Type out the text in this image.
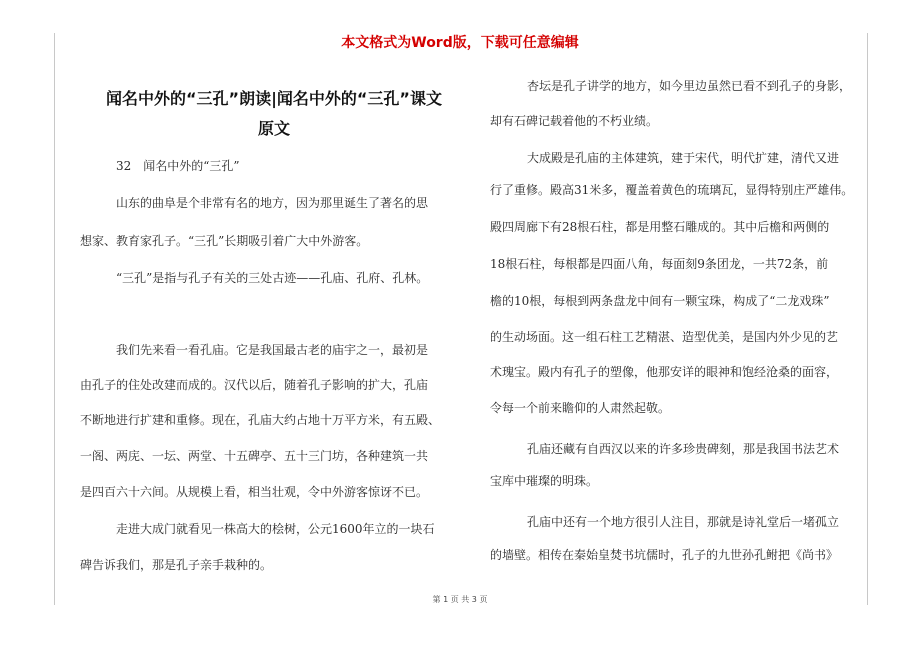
本文格式为Word版，下载可任意编辑
闻名中外的“三孔”朗读|闻名中外的“三孔”课文
原文
32　闻名中外的“三孔”
山东的曲阜是个非常有名的地方，因为那里诞生了著名的思
想家、教育家孔子。“三孔”长期吸引着广大中外游客。
“三孔”是指与孔子有关的三处古迹——孔庙、孔府、孔林。
我们先来看一看孔庙。它是我国最古老的庙宇之一，最初是
由孔子的住处改建而成的。汉代以后，随着孔子影响的扩大，孔庙
不断地进行扩建和重修。现在，孔庙大约占地十万平方米，有五殿、
一阁、两庑、一坛、两堂、十五碑亭、五十三门坊，各种建筑一共
是四百六十六间。从规模上看，相当壮观，令中外游客惊讶不已。
走进大成门就看见一株高大的桧树，公元1600年立的一块石
碑告诉我们，那是孔子亲手栽种的。
杏坛是孔子讲学的地方，如今里边虽然已看不到孔子的身影，
却有石碑记载着他的不朽业绩。
大成殿是孔庙的主体建筑，建于宋代，明代扩建，清代又进
行了重修。殿高31米多，覆盖着黄色的琉璃瓦，显得特别庄严雄伟。
殿四周廊下有28根石柱，都是用整石雕成的。其中后檐和两侧的
18根石柱，每根都是四面八角，每面刻9条团龙，一共72条，前
檐的10根，每根到两条盘龙中间有一颗宝珠，构成了“二龙戏珠”
的生动场面。这一组石柱工艺精湛、造型优美，是国内外少见的艺
术瑰宝。殿内有孔子的塑像，他那安详的眼神和饱经沧桑的面容，
令每一个前来瞻仰的人肃然起敬。
孔庙还藏有自西汉以来的许多珍贵碑刻，那是我国书法艺术
宝库中璀璨的明珠。
孔庙中还有一个地方很引人注目，那就是诗礼堂后一堵孤立
的墙壁。相传在秦始皇焚书坑儒时，孔子的九世孙孔鲋把《尚书》
第 1 页 共 3 页
